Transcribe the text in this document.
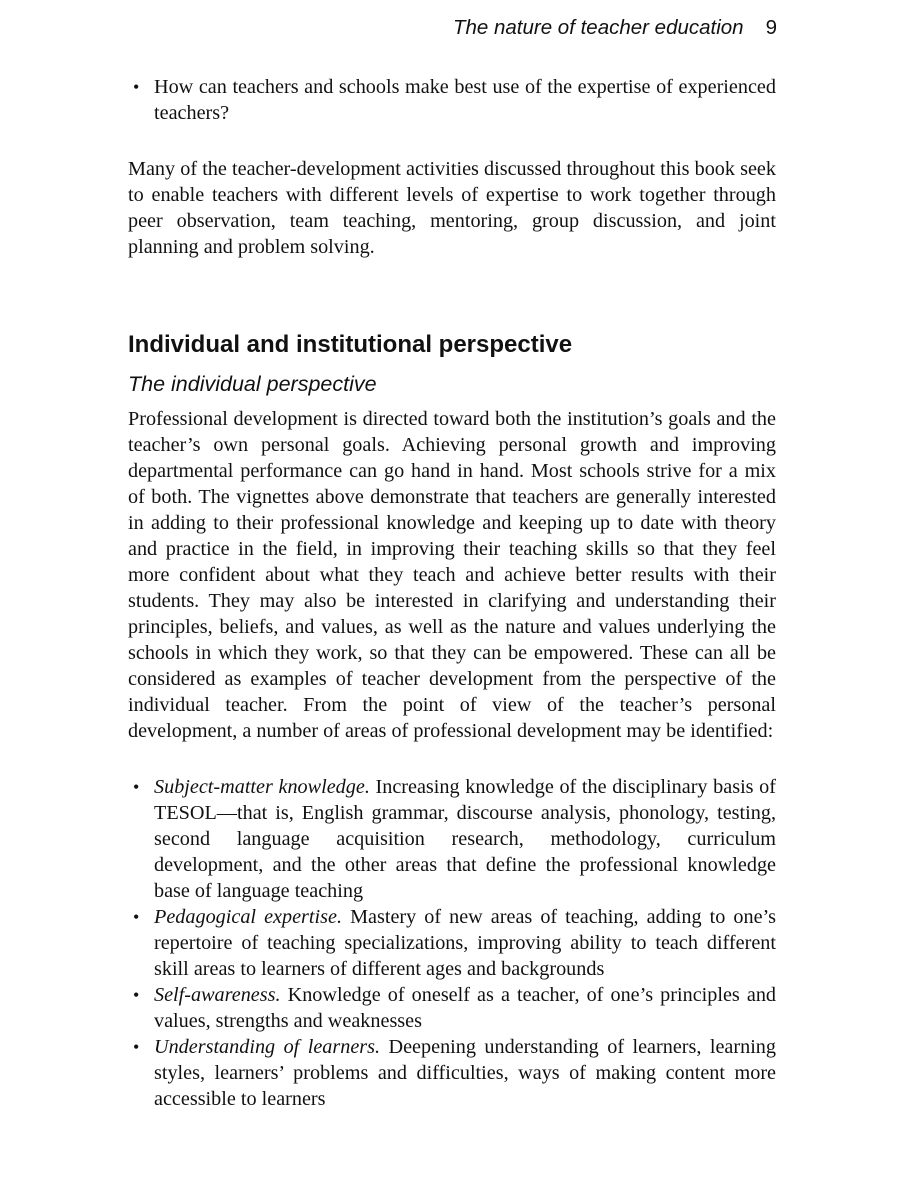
The nature of teacher education 9
• How can teachers and schools make best use of the expertise of experienced teachers?

Many of the teacher-development activities discussed throughout this book seek to enable teachers with different levels of expertise to work together through peer observation, team teaching, mentoring, group discussion, and joint planning and problem solving.

Individual and institutional perspective
The individual perspective

Professional development is directed toward both the institution’s goals and the teacher’s own personal goals. Achieving personal growth and improving departmental performance can go hand in hand. Most schools strive for a mix of both. The vignettes above demonstrate that teachers are generally interested in adding to their professional knowledge and keeping up to date with theory and practice in the field, in improving their teaching skills so that they feel more confident about what they teach and achieve better results with their students. They may also be interested in clarifying and understanding their principles, beliefs, and values, as well as the nature and values underlying the schools in which they work, so that they can be empowered. These can all be considered as examples of teacher development from the perspective of the individual teacher. From the point of view of the teacher’s personal development, a number of areas of professional development may be identified:

• Subject-matter knowledge. Increasing knowledge of the disciplinary basis of TESOL—that is, English grammar, discourse analysis, phonology, testing, second language acquisition research, methodology, curriculum development, and the other areas that define the professional knowledge base of language teaching
• Pedagogical expertise. Mastery of new areas of teaching, adding to one’s repertoire of teaching specializations, improving ability to teach different skill areas to learners of different ages and backgrounds
• Self-awareness. Knowledge of oneself as a teacher, of one’s principles and values, strengths and weaknesses
• Understanding of learners. Deepening understanding of learners, learning styles, learners’ problems and difficulties, ways of making content more accessible to learners
